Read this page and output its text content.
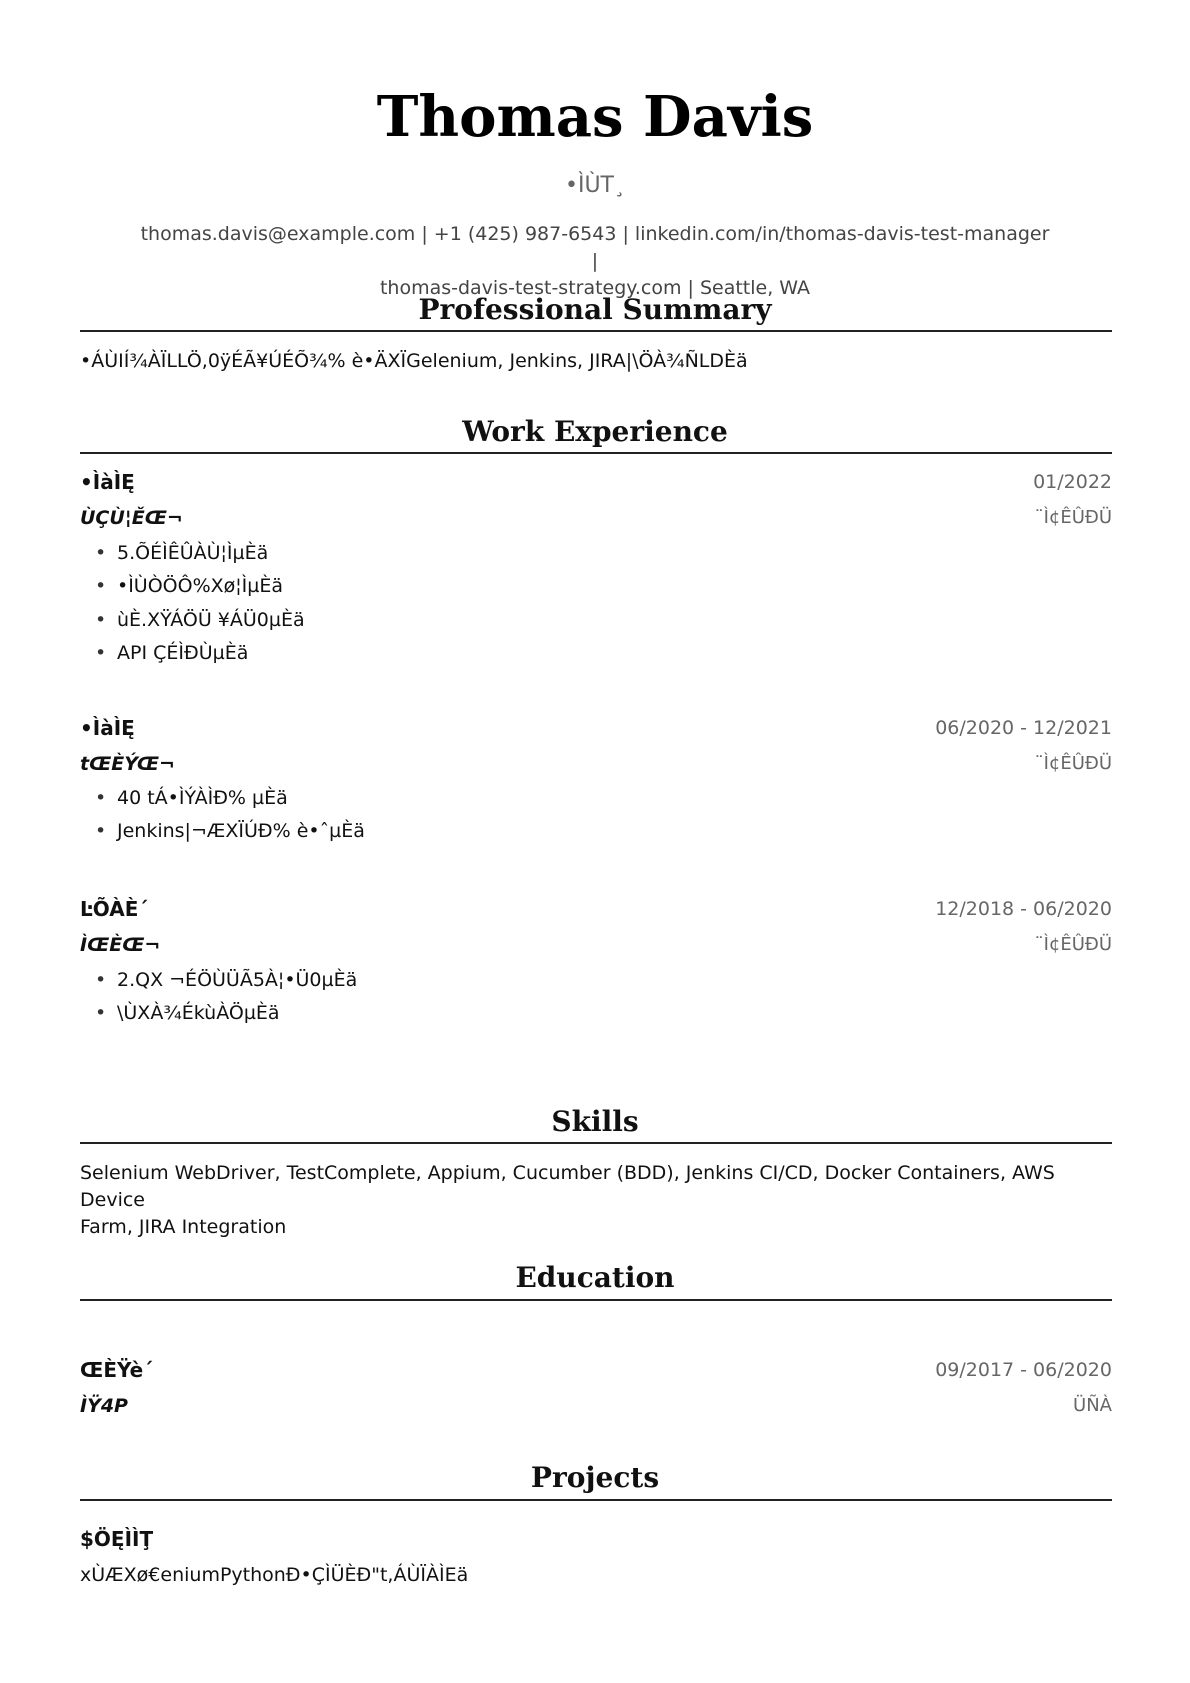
Thomas Davis
•ÌÙT¸
thomas.davis@example.com | +1 (425) 987-6543 | linkedin.com/in/thomas-davis-test-manager |
thomas-davis-test-strategy.com | Seattle, WA
Professional Summary
•ÁÙIÍ¾ÀÏLLÖ,0ÿÉÃ¥ÚÉÕ¾% è•ÄXÏGelenium, Jenkins, JIRA|\ÖÀ¾ÑLDÈä
Work Experience
•ÌàÌĘ	01/2022
ÙÇÙ¦ĚŒ¬	¨Ì¢ÊÛÐÜ
• 5.ÕÉÌÊÛÀÙ¦ÌµÈä
• •ÌÙÒÖÔ%Xø¦ÌµÈä
• ùÈ.XŸÁÖÜ ¥ÁÜ0µÈä
• API ÇÉÌÐÙµÈä
•ÌàÌĘ	06/2020 - 12/2021
tŒÈÝŒ¬	¨Ì¢ÊÛÐÜ
• 40 tÁ•ÌÝÀÌÐ% µÈä
• Jenkins|¬ÆXÏÚÐ% è•ˆµÈä
ĿÕÀÈ´	12/2018 - 06/2020
ÌŒÈŒ¬	¨Ì¢ÊÛÐÜ
• 2.QX ¬ÉÖÙÜÃ5À¦•Ü0µÈä
• \ÙXÀ¾ÉkùÀÖµÈä
Skills
Selenium WebDriver, TestComplete, Appium, Cucumber (BDD), Jenkins CI/CD, Docker Containers, AWS Device
Farm, JIRA Integration
Education
ŒÈŸè´	09/2017 - 06/2020
ÌŸ4P	ÜÑÀ
Projects
$ÖĘÌÌŢ
xÙÆXø€eniumPythonÐ•ÇÌÜÈÐ"t,ÁÙÏÀÌEä
